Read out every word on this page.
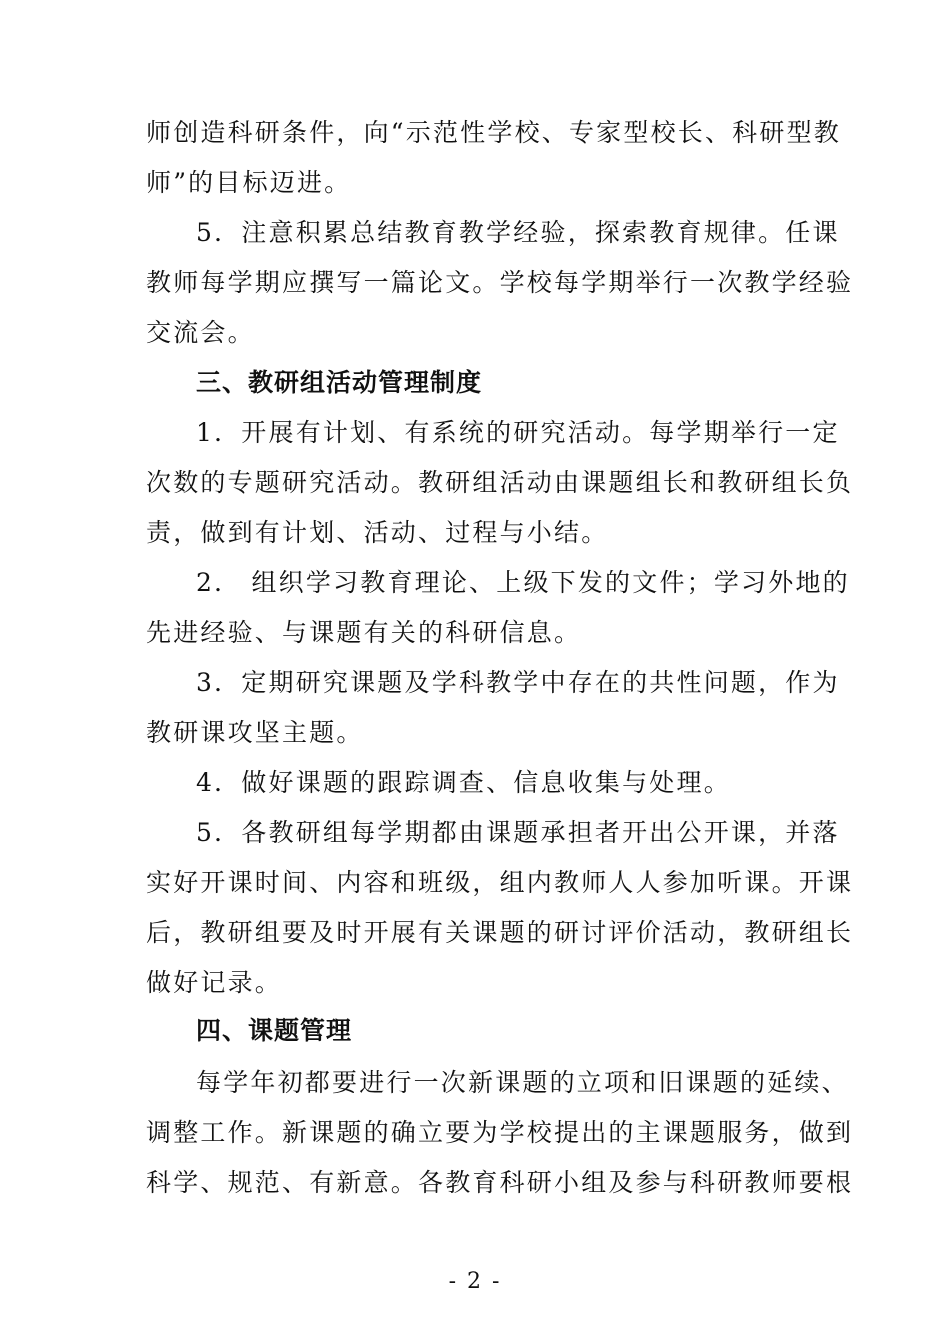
师创造科研条件，向“示范性学校、专家型校长、科研型教
师”的目标迈进。
5．注意积累总结教育教学经验，探索教育规律。任课
教师每学期应撰写一篇论文。学校每学期举行一次教学经验
交流会。
三、教研组活动管理制度
1．开展有计划、有系统的研究活动。每学期举行一定
次数的专题研究活动。教研组活动由课题组长和教研组长负
责，做到有计划、活动、过程与小结。
2． 组织学习教育理论、上级下发的文件；学习外地的
先进经验、与课题有关的科研信息。
3．定期研究课题及学科教学中存在的共性问题，作为
教研课攻坚主题。
4．做好课题的跟踪调查、信息收集与处理。
5．各教研组每学期都由课题承担者开出公开课，并落
实好开课时间、内容和班级，组内教师人人参加听课。开课
后，教研组要及时开展有关课题的研讨评价活动，教研组长
做好记录。
四、课题管理
每学年初都要进行一次新课题的立项和旧课题的延续、
调整工作。新课题的确立要为学校提出的主课题服务，做到
科学、规范、有新意。各教育科研小组及参与科研教师要根
- 2 -
